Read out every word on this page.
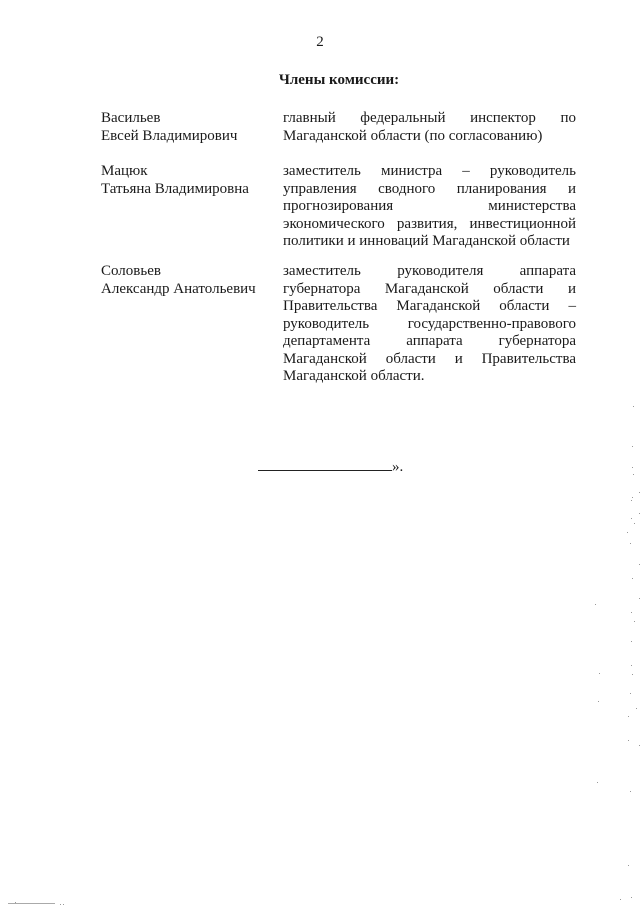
2
Члены комиссии:
Васильев
Евсей Владимирович
главный федеральный инспектор по
Магаданской области (по согласованию)
Мацюк
Татьяна Владимировна
заместитель министра – руководитель
управления сводного планирования и
прогнозирования министерства
экономического развития, инвестиционной
политики и инноваций Магаданской области
Соловьев
Александр Анатольевич
заместитель руководителя аппарата
губернатора Магаданской области и
Правительства Магаданской области –
руководитель государственно-правового
департамента аппарата губернатора
Магаданской области и Правительства
Магаданской области.
».
